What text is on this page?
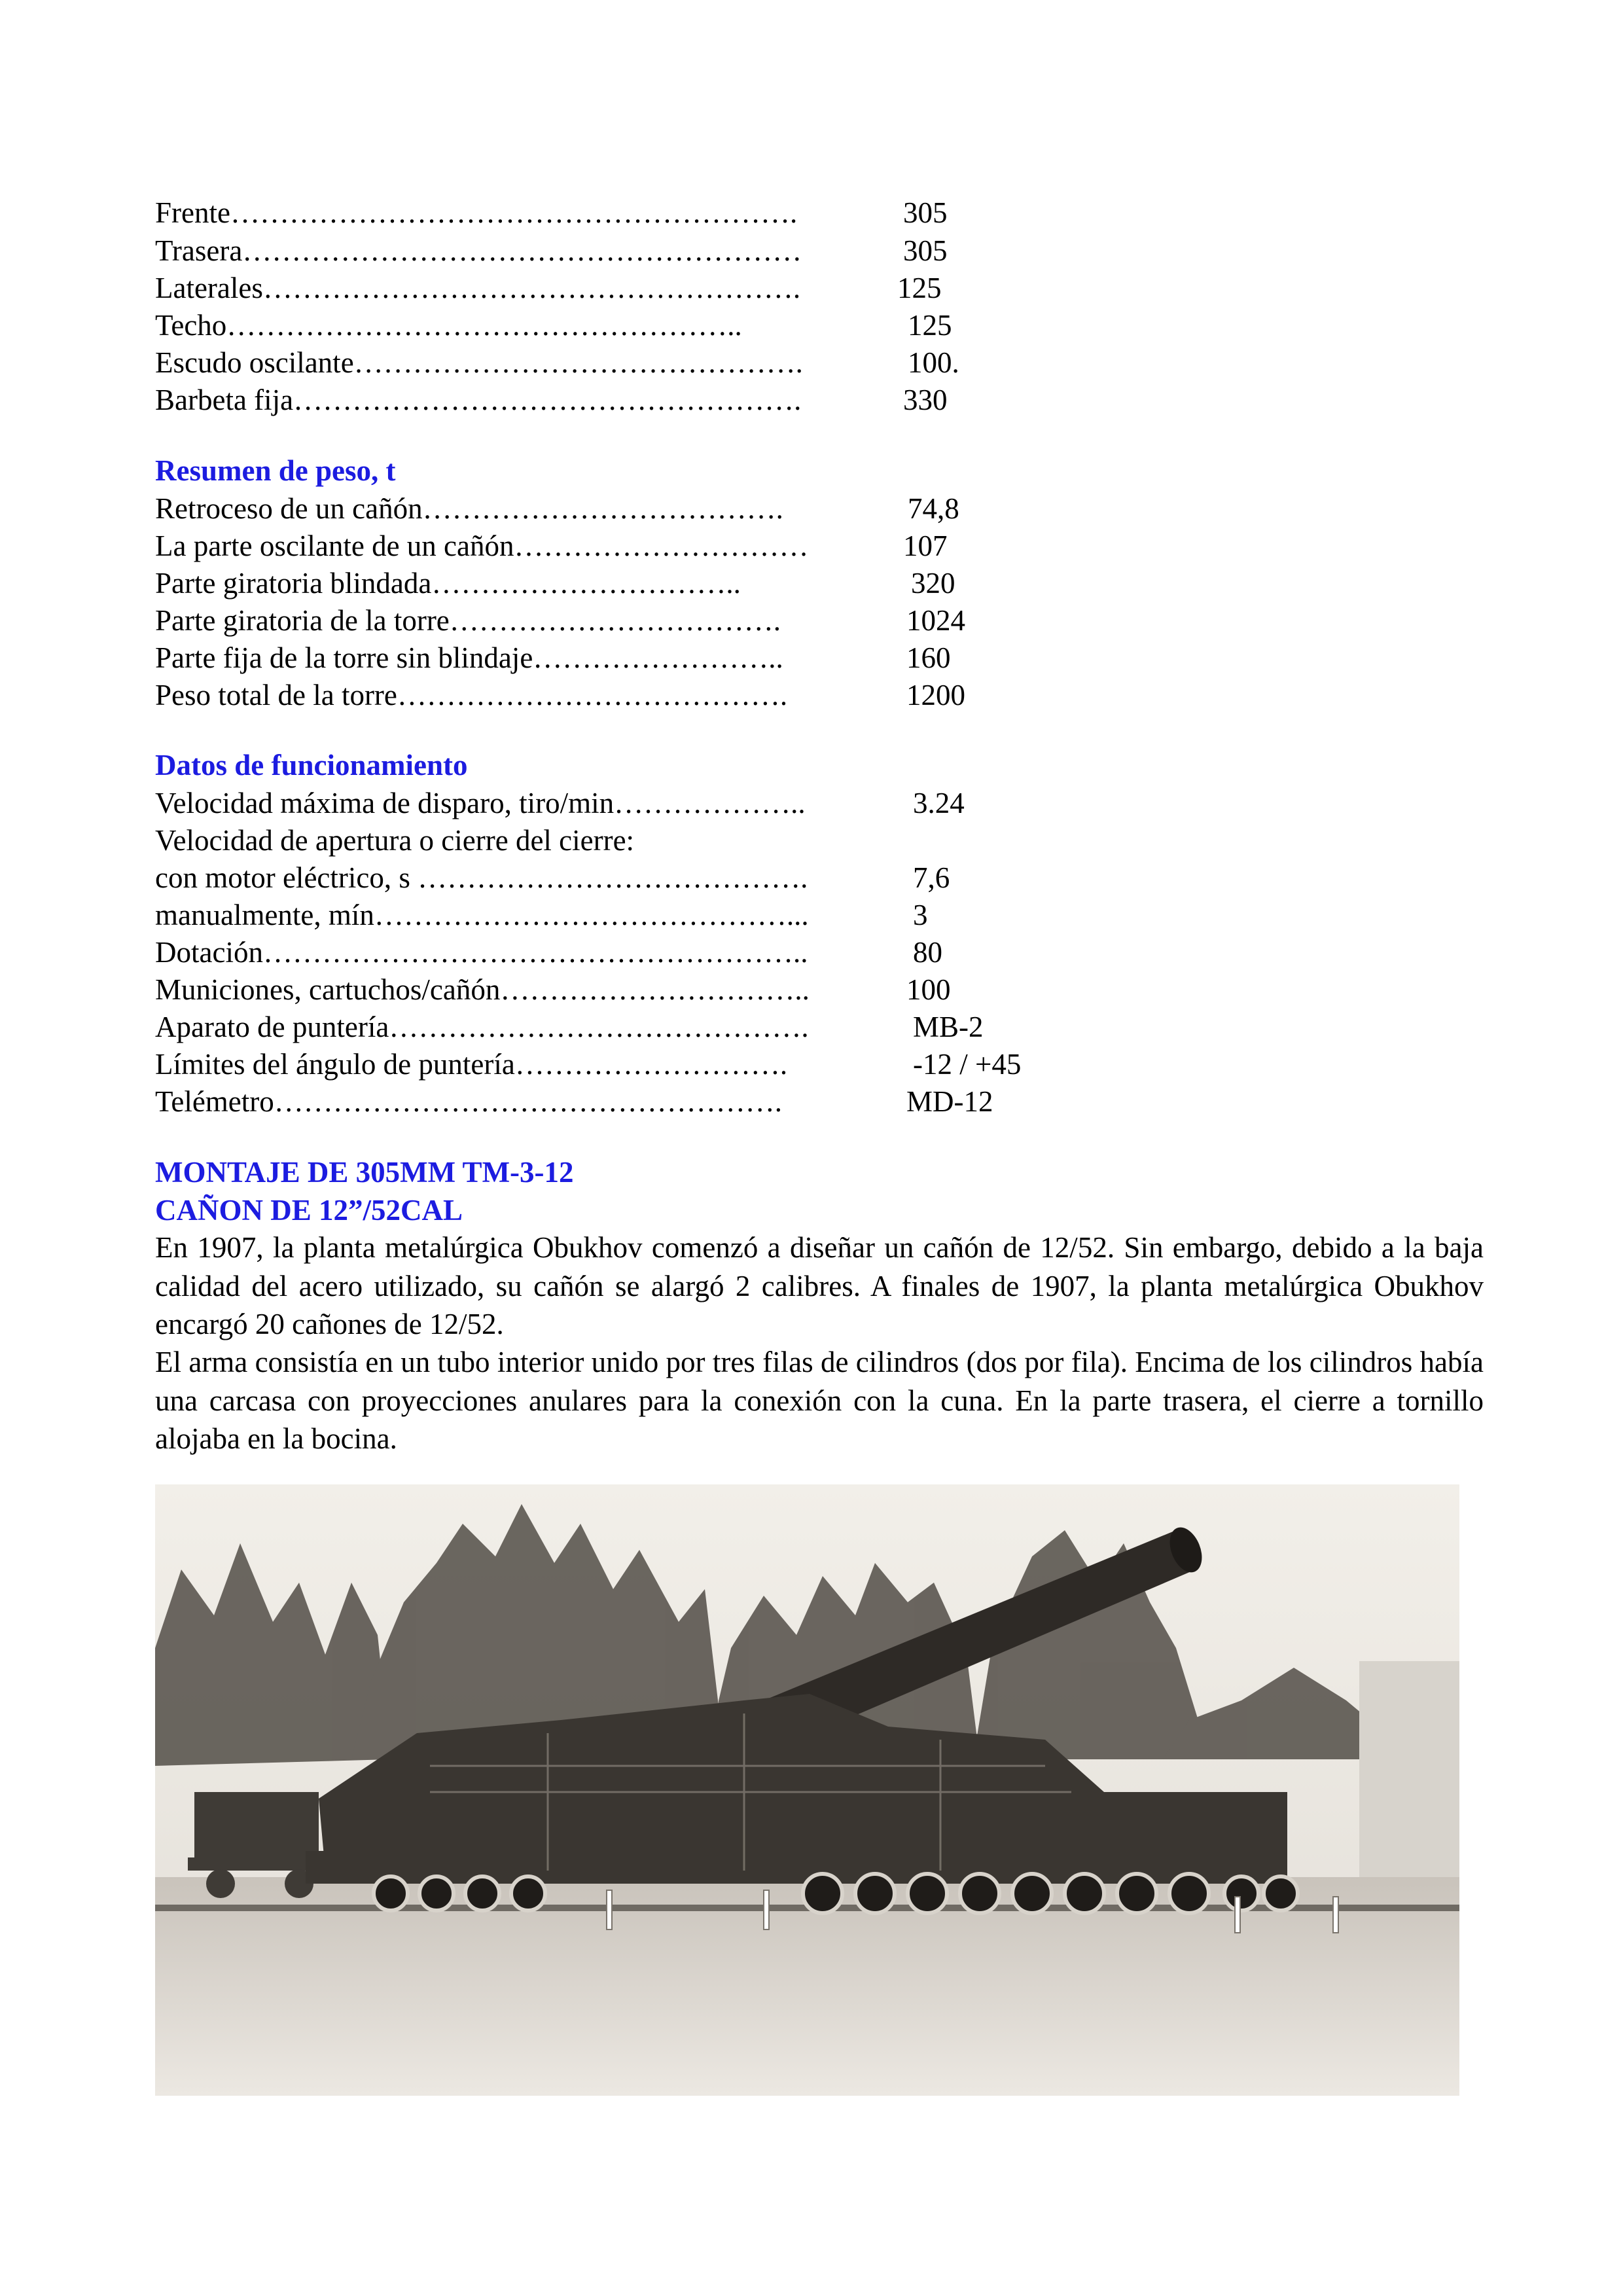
Frente………………………………………………….	305
Trasera…………………………………………………	305
Laterales……………………………………………….	125
Techo……………………………………………..	125
Escudo oscilante……………………………………….	100.
Barbeta fija…………………………………………….	330
Resumen de peso, t
Retroceso de un cañón……………………………….	74,8
La parte oscilante de un cañón…………………………	107
Parte giratoria blindada…………………………..	320
Parte giratoria de la torre…………………………….	1024
Parte fija de la torre sin blindaje……………………..	160
Peso total de la torre………………………………….	1200
Datos de funcionamiento
Velocidad máxima de disparo, tiro/min………………..	3.24
Velocidad de apertura o cierre del cierre:
con motor eléctrico, s ………………………………….	7,6
manualmente, mín……………………………………...	3
Dotación………………………………………………..	80
Municiones, cartuchos/cañón…………………………..	100
Aparato de puntería…………………………………….	MB-2
Límites del ángulo de puntería……………………….	-12 / +45
Telémetro…………………………………………….	MD-12
MONTAJE DE 305MM TM-3-12
CAÑON DE 12”/52CAL
En 1907, la planta metalúrgica Obukhov comenzó a diseñar un cañón de 12/52. Sin embargo, debido a la baja calidad del acero utilizado, su cañón se alargó 2 calibres. A finales de 1907, la planta metalúrgica Obukhov encargó 20 cañones de 12/52.
El arma consistía en un tubo interior unido por tres filas de cilindros (dos por fila). Encima de los cilindros había una carcasa con proyecciones anulares para la conexión con la cuna. En la parte trasera, el cierre a tornillo alojaba en la bocina.
